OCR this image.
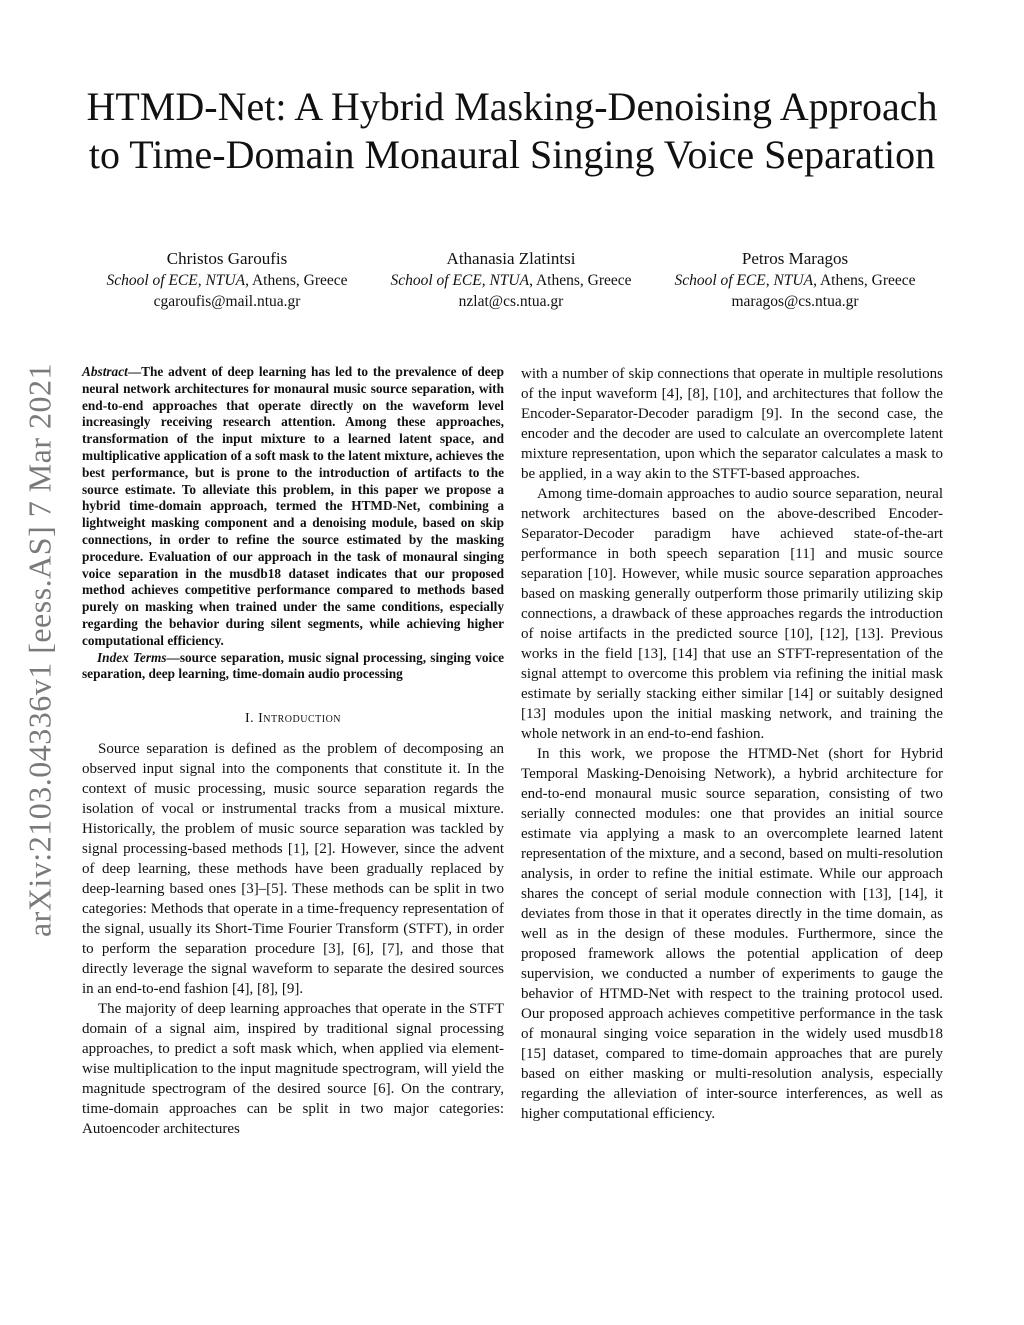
arXiv:2103.04336v1 [eess.AS] 7 Mar 2021
HTMD-Net: A Hybrid Masking-Denoising Approach to Time-Domain Monaural Singing Voice Separation
Christos Garoufis
School of ECE, NTUA, Athens, Greece
cgaroufis@mail.ntua.gr
Athanasia Zlatintsi
School of ECE, NTUA, Athens, Greece
nzlat@cs.ntua.gr
Petros Maragos
School of ECE, NTUA, Athens, Greece
maragos@cs.ntua.gr

Abstract—The advent of deep learning has led to the prevalence of deep neural network architectures for monaural music source separation, with end-to-end approaches that operate directly on the waveform level increasingly receiving research attention. Among these approaches, transformation of the input mixture to a learned latent space, and multiplicative application of a soft mask to the latent mixture, achieves the best performance, but is prone to the introduction of artifacts to the source estimate. To alleviate this problem, in this paper we propose a hybrid time-domain approach, termed the HTMD-Net, combining a lightweight masking component and a denoising module, based on skip connections, in order to refine the source estimated by the masking procedure. Evaluation of our approach in the task of monaural singing voice separation in the musdb18 dataset indicates that our proposed method achieves competitive performance compared to methods based purely on masking when trained under the same conditions, especially regarding the behavior during silent segments, while achieving higher computational efficiency.

Index Terms—source separation, music signal processing, singing voice separation, deep learning, time-domain audio processing

I. Introduction

Source separation is defined as the problem of decomposing an observed input signal into the components that constitute it. In the context of music processing, music source separation regards the isolation of vocal or instrumental tracks from a musical mixture. Historically, the problem of music source separation was tackled by signal processing-based methods [1], [2]. However, since the advent of deep learning, these methods have been gradually replaced by deep-learning based ones [3]–[5]. These methods can be split in two categories: Methods that operate in a time-frequency representation of the signal, usually its Short-Time Fourier Transform (STFT), in order to perform the separation procedure [3], [6], [7], and those that directly leverage the signal waveform to separate the desired sources in an end-to-end fashion [4], [8], [9].

The majority of deep learning approaches that operate in the STFT domain of a signal aim, inspired by traditional signal processing approaches, to predict a soft mask which, when applied via element-wise multiplication to the input magnitude spectrogram, will yield the magnitude spectrogram of the desired source [6]. On the contrary, time-domain approaches can be split in two major categories: Autoencoder architectures

with a number of skip connections that operate in multiple resolutions of the input waveform [4], [8], [10], and architectures that follow the Encoder-Separator-Decoder paradigm [9]. In the second case, the encoder and the decoder are used to calculate an overcomplete latent mixture representation, upon which the separator calculates a mask to be applied, in a way akin to the STFT-based approaches.

Among time-domain approaches to audio source separation, neural network architectures based on the above-described Encoder-Separator-Decoder paradigm have achieved state-of-the-art performance in both speech separation [11] and music source separation [10]. However, while music source separation approaches based on masking generally outperform those primarily utilizing skip connections, a drawback of these approaches regards the introduction of noise artifacts in the predicted source [10], [12], [13]. Previous works in the field [13], [14] that use an STFT-representation of the signal attempt to overcome this problem via refining the initial mask estimate by serially stacking either similar [14] or suitably designed [13] modules upon the initial masking network, and training the whole network in an end-to-end fashion.

In this work, we propose the HTMD-Net (short for Hybrid Temporal Masking-Denoising Network), a hybrid architecture for end-to-end monaural music source separation, consisting of two serially connected modules: one that provides an initial source estimate via applying a mask to an overcomplete learned latent representation of the mixture, and a second, based on multi-resolution analysis, in order to refine the initial estimate. While our approach shares the concept of serial module connection with [13], [14], it deviates from those in that it operates directly in the time domain, as well as in the design of these modules. Furthermore, since the proposed framework allows the potential application of deep supervision, we conducted a number of experiments to gauge the behavior of HTMD-Net with respect to the training protocol used. Our proposed approach achieves competitive performance in the task of monaural singing voice separation in the widely used musdb18 [15] dataset, compared to time-domain approaches that are purely based on either masking or multi-resolution analysis, especially regarding the alleviation of inter-source interferences, as well as higher computational efficiency.
